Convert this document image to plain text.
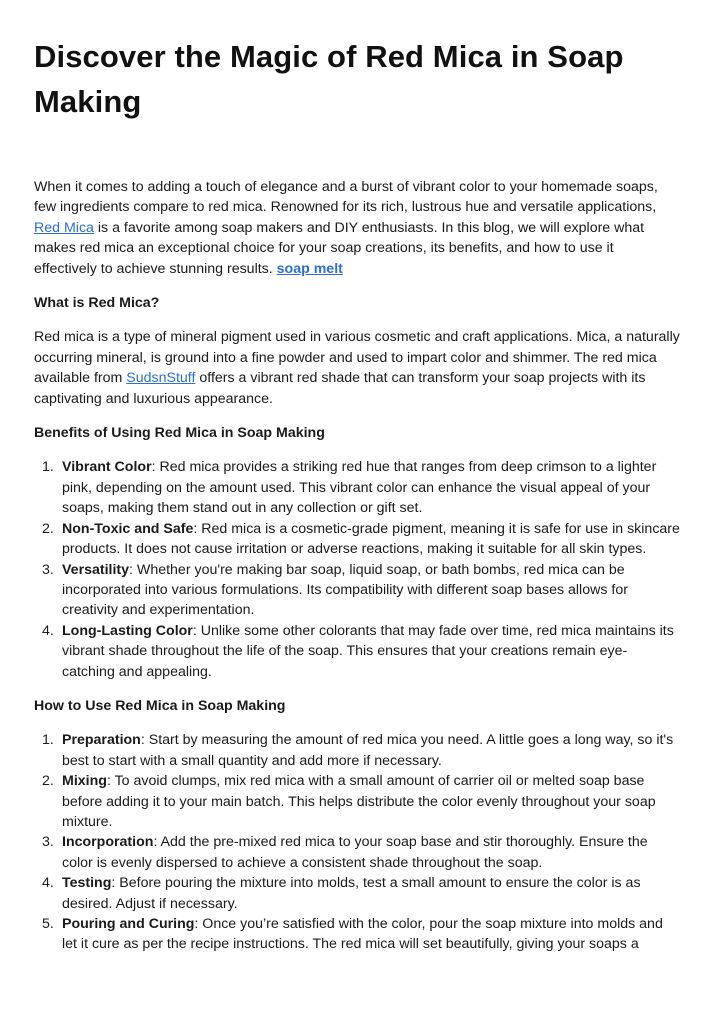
Discover the Magic of Red Mica in Soap Making

When it comes to adding a touch of elegance and a burst of vibrant color to your homemade soaps, few ingredients compare to red mica. Renowned for its rich, lustrous hue and versatile applications, Red Mica is a favorite among soap makers and DIY enthusiasts. In this blog, we will explore what makes red mica an exceptional choice for your soap creations, its benefits, and how to use it effectively to achieve stunning results. soap melt

What is Red Mica?

Red mica is a type of mineral pigment used in various cosmetic and craft applications. Mica, a naturally occurring mineral, is ground into a fine powder and used to impart color and shimmer. The red mica available from SudsnStuff offers a vibrant red shade that can transform your soap projects with its captivating and luxurious appearance.

Benefits of Using Red Mica in Soap Making

1. Vibrant Color: Red mica provides a striking red hue that ranges from deep crimson to a lighter pink, depending on the amount used. This vibrant color can enhance the visual appeal of your soaps, making them stand out in any collection or gift set.
2. Non-Toxic and Safe: Red mica is a cosmetic-grade pigment, meaning it is safe for use in skincare products. It does not cause irritation or adverse reactions, making it suitable for all skin types.
3. Versatility: Whether you're making bar soap, liquid soap, or bath bombs, red mica can be incorporated into various formulations. Its compatibility with different soap bases allows for creativity and experimentation.
4. Long-Lasting Color: Unlike some other colorants that may fade over time, red mica maintains its vibrant shade throughout the life of the soap. This ensures that your creations remain eye-catching and appealing.

How to Use Red Mica in Soap Making

1. Preparation: Start by measuring the amount of red mica you need. A little goes a long way, so it's best to start with a small quantity and add more if necessary.
2. Mixing: To avoid clumps, mix red mica with a small amount of carrier oil or melted soap base before adding it to your main batch. This helps distribute the color evenly throughout your soap mixture.
3. Incorporation: Add the pre-mixed red mica to your soap base and stir thoroughly. Ensure the color is evenly dispersed to achieve a consistent shade throughout the soap.
4. Testing: Before pouring the mixture into molds, test a small amount to ensure the color is as desired. Adjust if necessary.
5. Pouring and Curing: Once you’re satisfied with the color, pour the soap mixture into molds and let it cure as per the recipe instructions. The red mica will set beautifully, giving your soaps a
